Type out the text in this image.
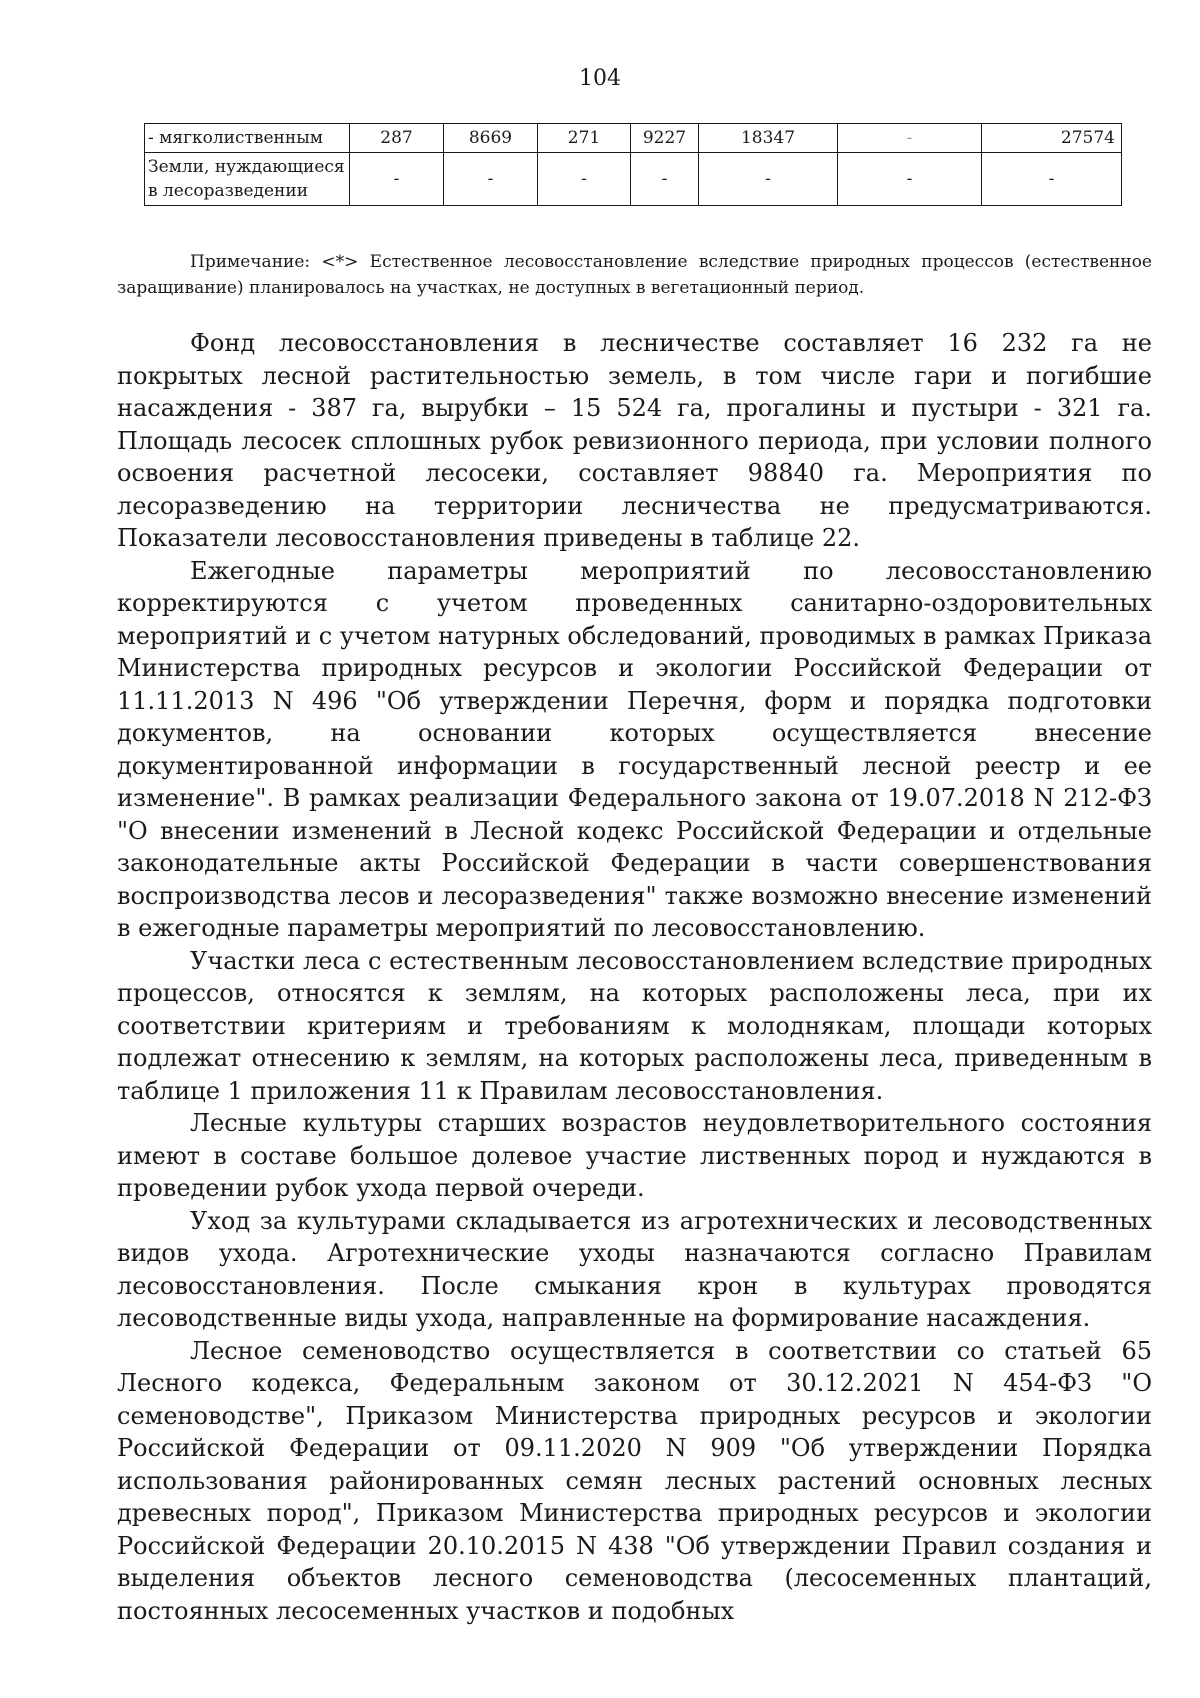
104
- мягколиственным	287	8669	271	9227	18347	-	27574
Земли, нуждающиеся в лесоразведении	-	-	-	-	-	-	-
Примечание: <*> Естественное лесовосстановление вследствие природных процессов (естественное заращивание) планировалось на участках, не доступных в вегетационный период.

Фонд лесовосстановления в лесничестве составляет 16 232 га не покрытых лесной растительностью земель, в том числе гари и погибшие насаждения - 387 га, вырубки – 15 524 га, прогалины и пустыри - 321 га. Площадь лесосек сплошных рубок ревизионного периода, при условии полного освоения расчетной лесосеки, составляет 98840 га. Мероприятия по лесоразведению на территории лесничества не предусматриваются. Показатели лесовосстановления приведены в таблице 22.

Ежегодные параметры мероприятий по лесовосстановлению корректируются с учетом проведенных санитарно-оздоровительных мероприятий и с учетом натурных обследований, проводимых в рамках Приказа Министерства природных ресурсов и экологии Российской Федерации от 11.11.2013 N 496 "Об утверждении Перечня, форм и порядка подготовки документов, на основании которых осуществляется внесение документированной информации в государственный лесной реестр и ее изменение". В рамках реализации Федерального закона от 19.07.2018 N 212-ФЗ "О внесении изменений в Лесной кодекс Российской Федерации и отдельные законодательные акты Российской Федерации в части совершенствования воспроизводства лесов и лесоразведения" также возможно внесение изменений в ежегодные параметры мероприятий по лесовосстановлению.

Участки леса с естественным лесовосстановлением вследствие природных процессов, относятся к землям, на которых расположены леса, при их соответствии критериям и требованиям к молоднякам, площади которых подлежат отнесению к землям, на которых расположены леса, приведенным в таблице 1 приложения 11 к Правилам лесовосстановления.

Лесные культуры старших возрастов неудовлетворительного состояния имеют в составе большое долевое участие лиственных пород и нуждаются в проведении рубок ухода первой очереди.

Уход за культурами складывается из агротехнических и лесоводственных видов ухода. Агротехнические уходы назначаются согласно Правилам лесовосстановления. После смыкания крон в культурах проводятся лесоводственные виды ухода, направленные на формирование насаждения.

Лесное семеноводство осуществляется в соответствии со статьей 65 Лесного кодекса, Федеральным законом от 30.12.2021 N 454-ФЗ "О семеноводстве", Приказом Министерства природных ресурсов и экологии Российской Федерации от 09.11.2020 N 909 "Об утверждении Порядка использования районированных семян лесных растений основных лесных древесных пород", Приказом Министерства природных ресурсов и экологии Российской Федерации 20.10.2015 N 438 "Об утверждении Правил создания и выделения объектов лесного семеноводства (лесосеменных плантаций, постоянных лесосеменных участков и подобных
